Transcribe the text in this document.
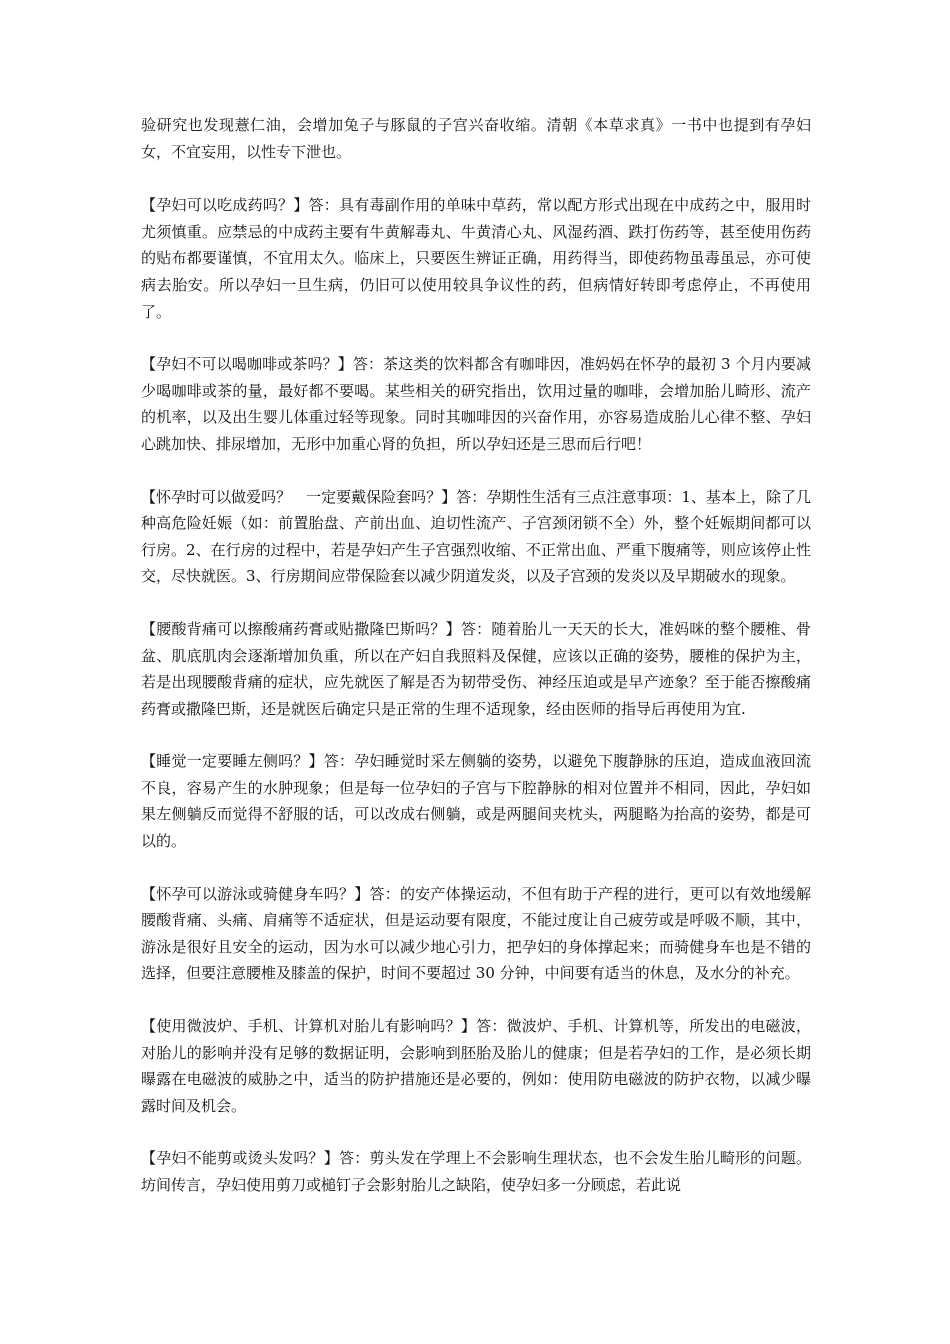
验研究也发现薏仁油，会增加兔子与豚鼠的子宫兴奋收缩。清朝《本草求真》一书中也提到有孕妇女，不宜妄用，以性专下泄也。

【孕妇可以吃成药吗？】答：具有毒副作用的单味中草药，常以配方形式出现在中成药之中，服用时尤须慎重。应禁忌的中成药主要有牛黄解毒丸、牛黄清心丸、风湿药酒、跌打伤药等，甚至使用伤药的贴布都要谨慎，不宜用太久。临床上，只要医生辨证正确，用药得当，即使药物虽毒虽忌，亦可使病去胎安。所以孕妇一旦生病，仍旧可以使用较具争议性的药，但病情好转即考虑停止，不再使用了。

【孕妇不可以喝咖啡或茶吗？】答：茶这类的饮料都含有咖啡因，准妈妈在怀孕的最初 3 个月内要减少喝咖啡或茶的量，最好都不要喝。某些相关的研究指出，饮用过量的咖啡，会增加胎儿畸形、流产的机率，以及出生婴儿体重过轻等现象。同时其咖啡因的兴奋作用，亦容易造成胎儿心律不整、孕妇心跳加快、排尿增加，无形中加重心肾的负担，所以孕妇还是三思而后行吧！

【怀孕时可以做爱吗？　一定要戴保险套吗？】答：孕期性生活有三点注意事项：1、基本上，除了几种高危险妊娠（如：前置胎盘、产前出血、迫切性流产、子宫颈闭锁不全）外，整个妊娠期间都可以行房。2、在行房的过程中，若是孕妇产生子宫强烈收缩、不正常出血、严重下腹痛等，则应该停止性交，尽快就医。3、行房期间应带保险套以减少阴道发炎，以及子宫颈的发炎以及早期破水的现象。

【腰酸背痛可以擦酸痛药膏或贴撒隆巴斯吗？】答：随着胎儿一天天的长大，准妈咪的整个腰椎、骨盆、肌底肌肉会逐渐增加负重，所以在产妇自我照料及保健，应该以正确的姿势，腰椎的保护为主，若是出现腰酸背痛的症状，应先就医了解是否为韧带受伤、神经压迫或是早产迹象？至于能否擦酸痛药膏或撒隆巴斯，还是就医后确定只是正常的生理不适现象，经由医师的指导后再使用为宜.

【睡觉一定要睡左侧吗？】答：孕妇睡觉时采左侧躺的姿势，以避免下腹静脉的压迫，造成血液回流不良，容易产生的水肿现象；但是每一位孕妇的子宫与下腔静脉的相对位置并不相同，因此，孕妇如果左侧躺反而觉得不舒服的话，可以改成右侧躺，或是两腿间夹枕头，两腿略为抬高的姿势，都是可以的。

【怀孕可以游泳或骑健身车吗？】答：的安产体操运动，不但有助于产程的进行，更可以有效地缓解腰酸背痛、头痛、肩痛等不适症状，但是运动要有限度，不能过度让自己疲劳或是呼吸不顺，其中，游泳是很好且安全的运动，因为水可以减少地心引力，把孕妇的身体撑起来；而骑健身车也是不错的选择，但要注意腰椎及膝盖的保护，时间不要超过 30 分钟，中间要有适当的休息，及水分的补充。

【使用微波炉、手机、计算机对胎儿有影响吗？】答：微波炉、手机、计算机等，所发出的电磁波，对胎儿的影响并没有足够的数据证明，会影响到胚胎及胎儿的健康；但是若孕妇的工作，是必须长期曝露在电磁波的威胁之中，适当的防护措施还是必要的，例如：使用防电磁波的防护衣物，以减少曝露时间及机会。

【孕妇不能剪或烫头发吗？】答：剪头发在学理上不会影响生理状态，也不会发生胎儿畸形的问题。坊间传言，孕妇使用剪刀或槌钉子会影射胎儿之缺陷，使孕妇多一分顾虑，若此说
